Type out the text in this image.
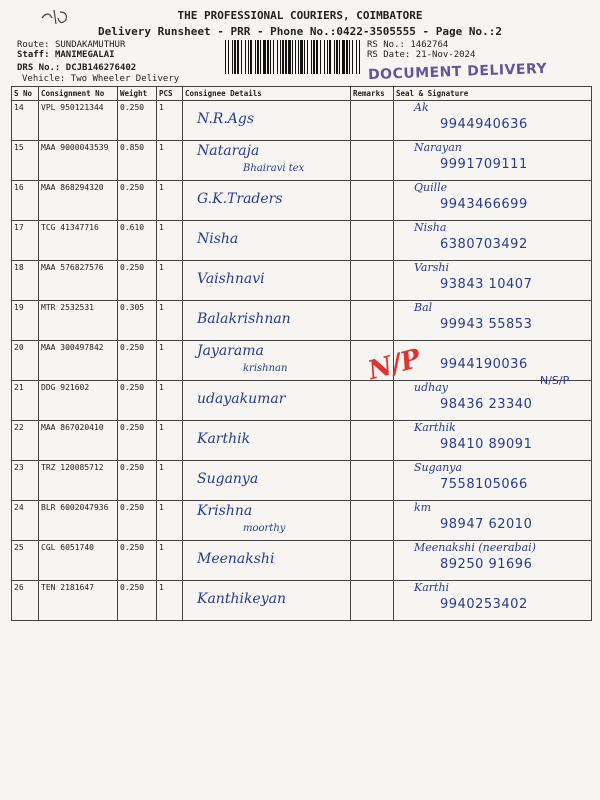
THE PROFESSIONAL COURIERS, COIMBATORE
Delivery Runsheet - PRR - Phone No.:0422-3505555 - Page No.:2
Route: SUNDAKAMUTHUR
Staff: MANIMEGALAI
DRS No.: DCJB146276402
Vehicle: Two Wheeler Delivery
RS No.: 1462764
RS Date: 21-Nov-2024
DOCUMENT DELIVERY
S No	Consignment No	Weight	PCS	Consignee Details	Remarks	Seal & Signature
14	VPL 950121344	0.250	1	N.R.Ags		Ak
9944940636

15	MAA 9000043539	0.850	1	Nataraja
Bhairavi tex		Narayan
9991709111

16	MAA 868294320	0.250	1	G.K.Traders		Quille
9943466699

17	TCG 41347716	0.610	1	Nisha		Nisha
6380703492

18	MAA 576827576	0.250	1	Vaishnavi		Varshi
93843 10407

19	MTR 2532531	0.305	1	Balakrishnan		Bal
99943 55853

20	MAA 300497842	0.250	1	Jayarama
krishnan		9944190036

21	DDG 921602	0.250	1	udayakumar		udhay
98436 23340

22	MAA 867020410	0.250	1	Karthik		Karthik
98410 89091

23	TRZ 120085712	0.250	1	Suganya		Suganya
7558105066

24	BLR 6002047936	0.250	1	Krishna
moorthy		km
98947 62010

25	CGL 6051740	0.250	1	Meenakshi		Meenakshi (neerabai)
89250 91696

26	TEN 2181647	0.250	1	Kanthikeyan		Karthi
9940253402
N/P	N/S/P
